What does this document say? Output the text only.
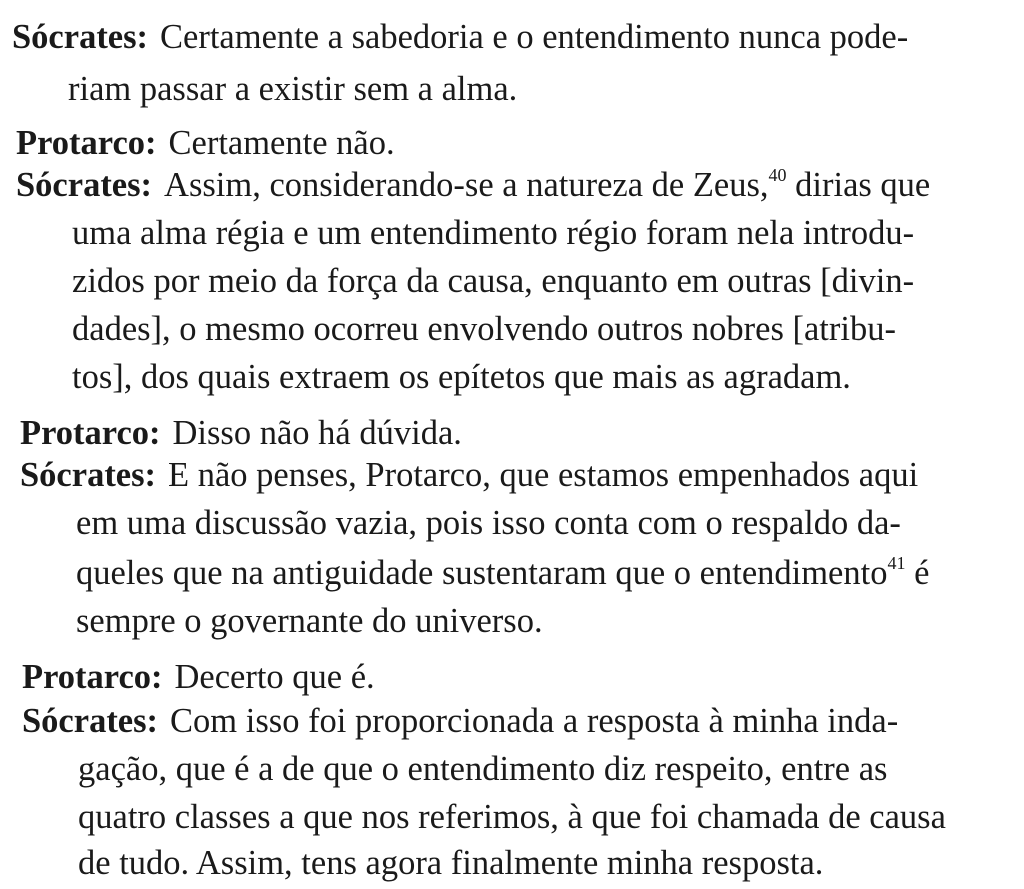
Sócrates: Certamente a sabedoria e o entendimento nunca pode-
riam passar a existir sem a alma.
Protarco: Certamente não.
Sócrates: Assim, considerando-se a natureza de Zeus,$^{40}$ dirias que
uma alma régia e um entendimento régio foram nela introdu-
zidos por meio da força da causa, enquanto em outras [divin-
dades], o mesmo ocorreu envolvendo outros nobres [atribu-
tos], dos quais extraem os epítetos que mais as agradam.
Protarco: Disso não há dúvida.
Sócrates: E não penses, Protarco, que estamos empenhados aqui
em uma discussão vazia, pois isso conta com o respaldo da-
queles que na antiguidade sustentaram que o entendimento$^{41}$ é
sempre o governante do universo.
Protarco: Decerto que é.
Sócrates: Com isso foi proporcionada a resposta à minha inda-
gação, que é a de que o entendimento diz respeito, entre as
quatro classes a que nos referimos, à que foi chamada de causa
de tudo. Assim, tens agora finalmente minha resposta.
